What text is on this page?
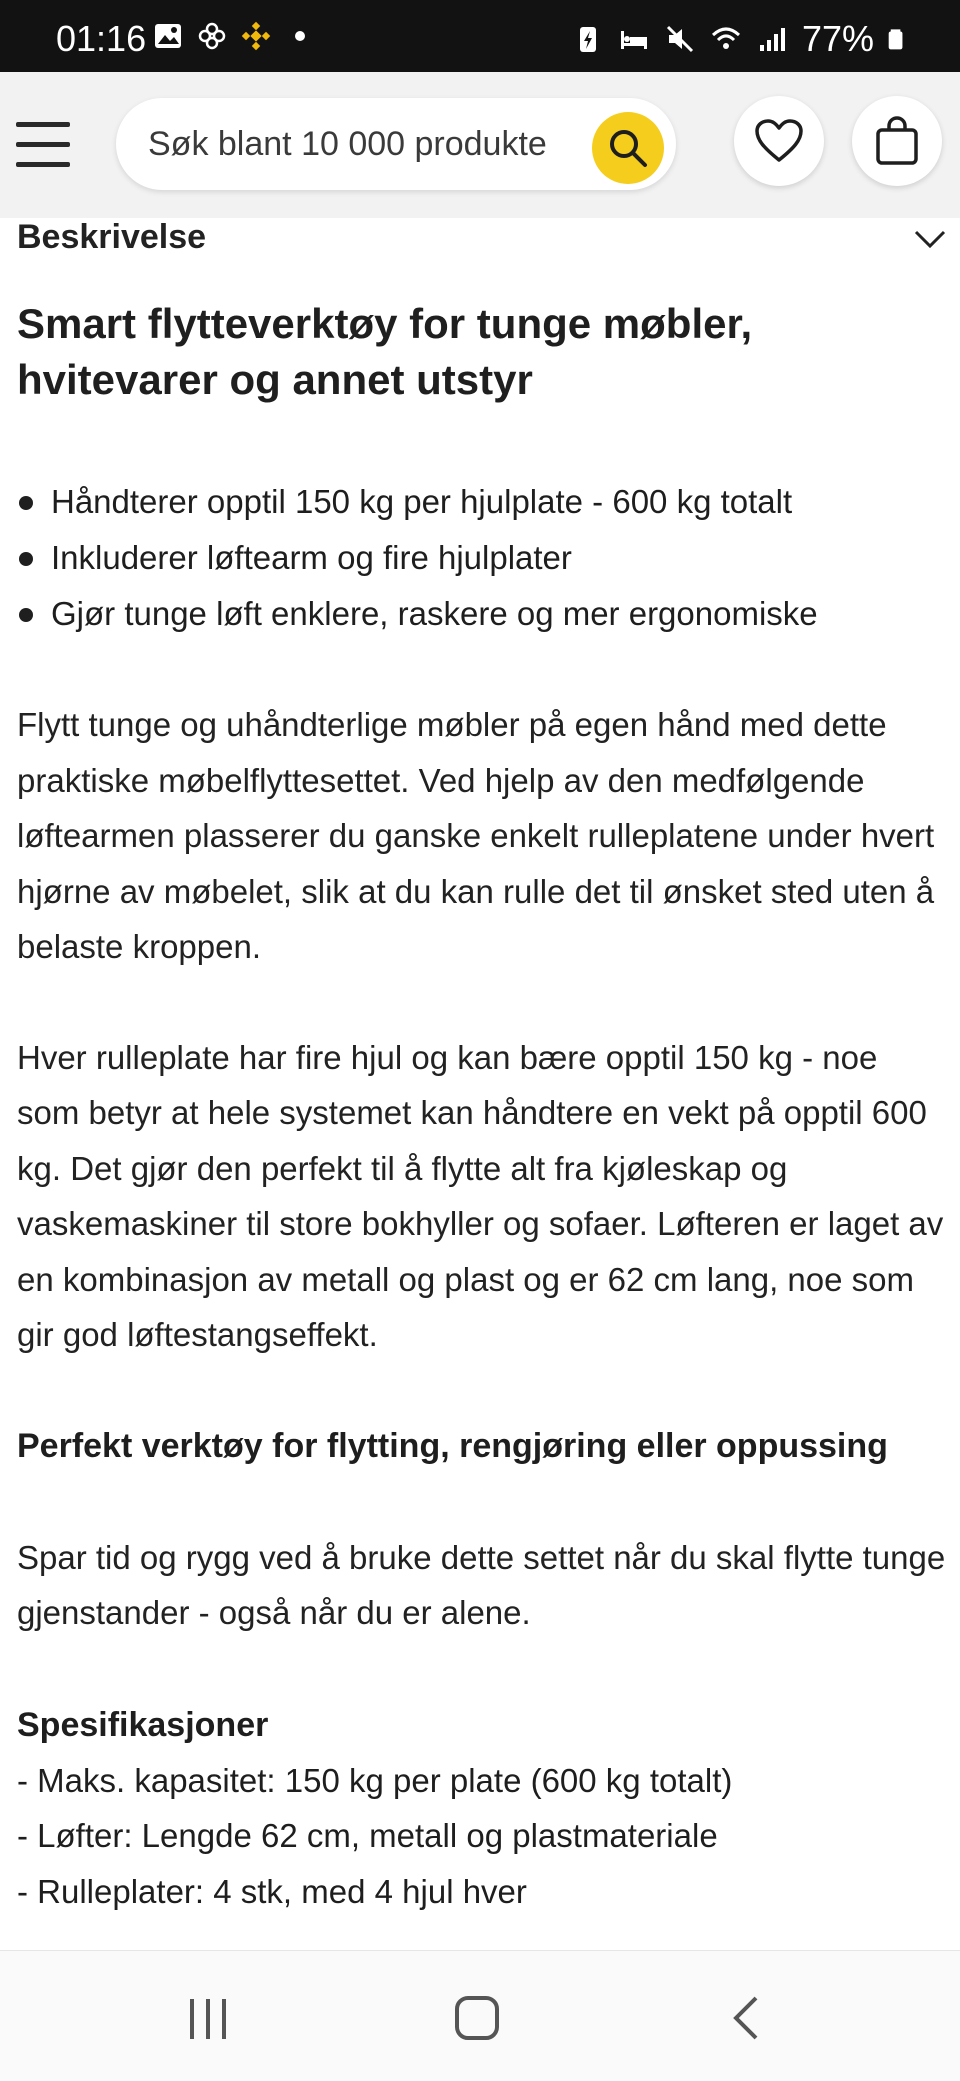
01:16	77%
Søk blant 10 000 produkter
Beskrivelse
Smart flytteverktøy for tunge møbler, hvitevarer og annet utstyr
Håndterer opptil 150 kg per hjulplate - 600 kg totalt
Inkluderer løftearm og fire hjulplater
Gjør tunge løft enklere, raskere og mer ergonomiske

Flytt tunge og uhåndterlige møbler på egen hånd med dette praktiske møbelflyttesettet. Ved hjelp av den medfølgende løftearmen plasserer du ganske enkelt rulleplatene under hvert hjørne av møbelet, slik at du kan rulle det til ønsket sted uten å belaste kroppen.

Hver rulleplate har fire hjul og kan bære opptil 150 kg - noe som betyr at hele systemet kan håndtere en vekt på opptil 600 kg. Det gjør den perfekt til å flytte alt fra kjøleskap og vaskemaskiner til store bokhyller og sofaer. Løfteren er laget av en kombinasjon av metall og plast og er 62 cm lang, noe som gir god løftestangseffekt.

Perfekt verktøy for flytting, rengjøring eller oppussing

Spar tid og rygg ved å bruke dette settet når du skal flytte tunge gjenstander - også når du er alene.

Spesifikasjoner
- Maks. kapasitet: 150 kg per plate (600 kg totalt)
- Løfter: Lengde 62 cm, metall og plastmateriale
- Rulleplater: 4 stk, med 4 hjul hver
